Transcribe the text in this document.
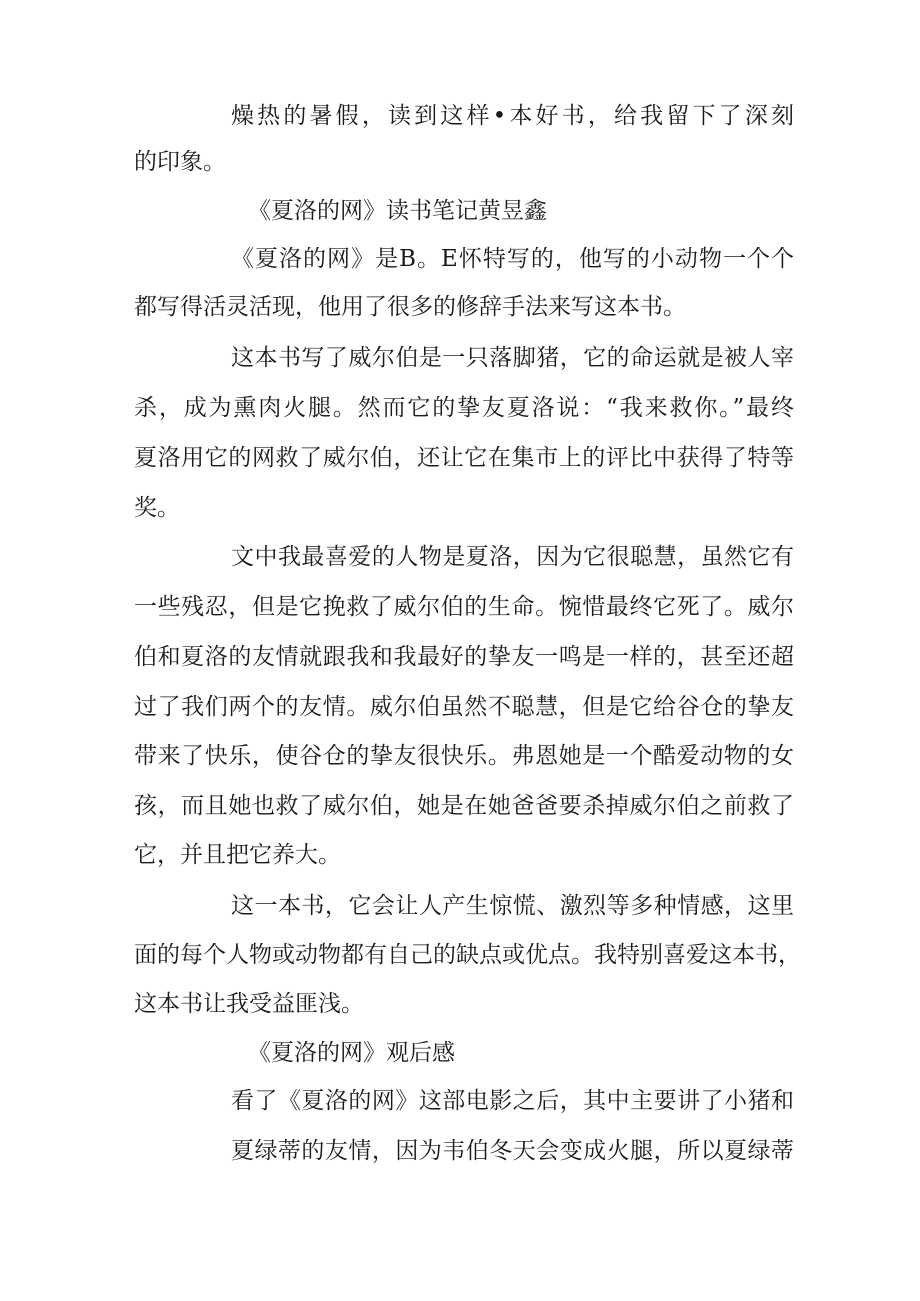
燥热的暑假，读到这样•本好书，给我留下了深刻
的印象。
《夏洛的网》读书笔记黄昱鑫
《夏洛的网》是B。E怀特写的，他写的小动物一个个
都写得活灵活现，他用了很多的修辞手法来写这本书。
这本书写了威尔伯是一只落脚猪，它的命运就是被人宰
杀，成为熏肉火腿。然而它的挚友夏洛说：“我来救你。”最终
夏洛用它的网救了威尔伯，还让它在集市上的评比中获得了特等
奖。
文中我最喜爱的人物是夏洛，因为它很聪慧，虽然它有
一些残忍，但是它挽救了威尔伯的生命。惋惜最终它死了。威尔
伯和夏洛的友情就跟我和我最好的挚友一鸣是一样的，甚至还超
过了我们两个的友情。威尔伯虽然不聪慧，但是它给谷仓的挚友
带来了快乐，使谷仓的挚友很快乐。弗恩她是一个酷爱动物的女
孩，而且她也救了威尔伯，她是在她爸爸要杀掉威尔伯之前救了
它，并且把它养大。
这一本书，它会让人产生惊慌、激烈等多种情感，这里
面的每个人物或动物都有自己的缺点或优点。我特别喜爱这本书，
这本书让我受益匪浅。
《夏洛的网》观后感
看了《夏洛的网》这部电影之后，其中主要讲了小猪和
夏绿蒂的友情，因为韦伯冬天会变成火腿，所以夏绿蒂
